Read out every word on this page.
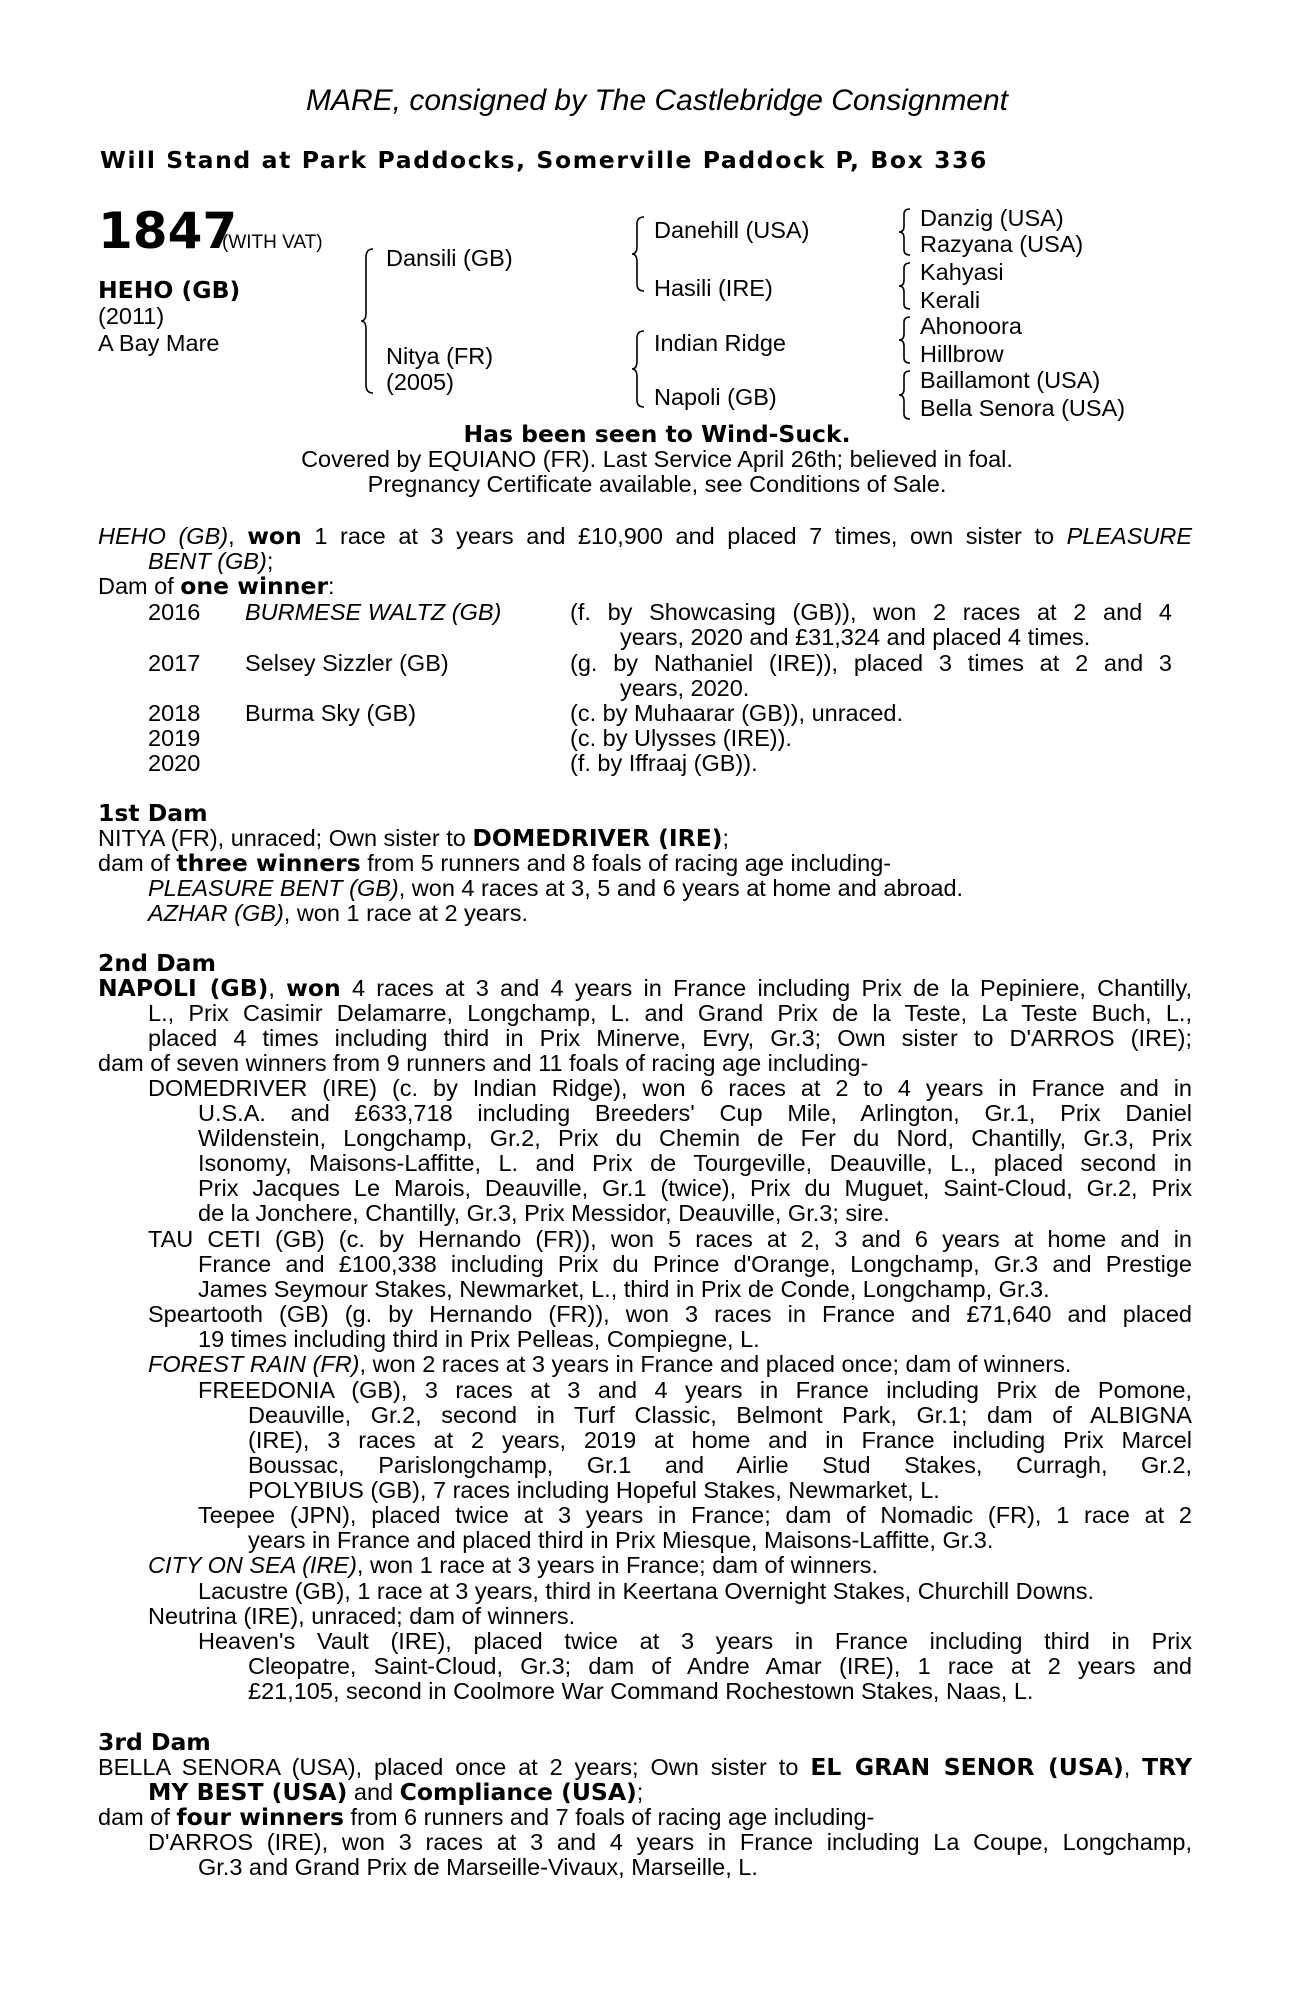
MARE, consigned by The Castlebridge Consignment
Will Stand at Park Paddocks, Somerville Paddock P, Box 336
1847
(WITH VAT)
HEHO (GB)
(2011)
A Bay Mare
Dansili (GB)
Nitya (FR)
(2005)
Danehill (USA)
Hasili (IRE)
Indian Ridge
Napoli (GB)
Danzig (USA)
Razyana (USA)
Kahyasi
Kerali
Ahonoora
Hillbrow
Baillamont (USA)
Bella Senora (USA)
Has been seen to Wind-Suck.
Covered by EQUIANO (FR). Last Service April 26th; believed in foal.
Pregnancy Certificate available, see Conditions of Sale.
HEHO (GB), won 1 race at 3 years and £10,900 and placed 7 times, own sister to PLEASURE
BENT (GB);
Dam of one winner:
2016 BURMESE WALTZ (GB)	(f. by Showcasing (GB)), won 2 races at 2 and 4
years, 2020 and £31,324 and placed 4 times.
2017 Selsey Sizzler (GB)	(g. by Nathaniel (IRE)), placed 3 times at 2 and 3
years, 2020.
2018 Burma Sky (GB)	(c. by Muhaarar (GB)), unraced.
2019	(c. by Ulysses (IRE)).
2020	(f. by Iffraaj (GB)).
1st Dam
NITYA (FR), unraced; Own sister to DOMEDRIVER (IRE);
dam of three winners from 5 runners and 8 foals of racing age including-
PLEASURE BENT (GB), won 4 races at 3, 5 and 6 years at home and abroad.
AZHAR (GB), won 1 race at 2 years.
2nd Dam
NAPOLI (GB), won 4 races at 3 and 4 years in France including Prix de la Pepiniere, Chantilly,
L., Prix Casimir Delamarre, Longchamp, L. and Grand Prix de la Teste, La Teste Buch, L.,
placed 4 times including third in Prix Minerve, Evry, Gr.3; Own sister to D'ARROS (IRE);
dam of seven winners from 9 runners and 11 foals of racing age including-
DOMEDRIVER (IRE) (c. by Indian Ridge), won 6 races at 2 to 4 years in France and in
U.S.A. and £633,718 including Breeders' Cup Mile, Arlington, Gr.1, Prix Daniel
Wildenstein, Longchamp, Gr.2, Prix du Chemin de Fer du Nord, Chantilly, Gr.3, Prix
Isonomy, Maisons-Laffitte, L. and Prix de Tourgeville, Deauville, L., placed second in
Prix Jacques Le Marois, Deauville, Gr.1 (twice), Prix du Muguet, Saint-Cloud, Gr.2, Prix
de la Jonchere, Chantilly, Gr.3, Prix Messidor, Deauville, Gr.3; sire.
TAU CETI (GB) (c. by Hernando (FR)), won 5 races at 2, 3 and 6 years at home and in
France and £100,338 including Prix du Prince d'Orange, Longchamp, Gr.3 and Prestige
James Seymour Stakes, Newmarket, L., third in Prix de Conde, Longchamp, Gr.3.
Speartooth (GB) (g. by Hernando (FR)), won 3 races in France and £71,640 and placed
19 times including third in Prix Pelleas, Compiegne, L.
FOREST RAIN (FR), won 2 races at 3 years in France and placed once; dam of winners.
FREEDONIA (GB), 3 races at 3 and 4 years in France including Prix de Pomone,
Deauville, Gr.2, second in Turf Classic, Belmont Park, Gr.1; dam of ALBIGNA
(IRE), 3 races at 2 years, 2019 at home and in France including Prix Marcel
Boussac, Parislongchamp, Gr.1 and Airlie Stud Stakes, Curragh, Gr.2,
POLYBIUS (GB), 7 races including Hopeful Stakes, Newmarket, L.
Teepee (JPN), placed twice at 3 years in France; dam of Nomadic (FR), 1 race at 2
years in France and placed third in Prix Miesque, Maisons-Laffitte, Gr.3.
CITY ON SEA (IRE), won 1 race at 3 years in France; dam of winners.
Lacustre (GB), 1 race at 3 years, third in Keertana Overnight Stakes, Churchill Downs.
Neutrina (IRE), unraced; dam of winners.
Heaven's Vault (IRE), placed twice at 3 years in France including third in Prix
Cleopatre, Saint-Cloud, Gr.3; dam of Andre Amar (IRE), 1 race at 2 years and
£21,105, second in Coolmore War Command Rochestown Stakes, Naas, L.
3rd Dam
BELLA SENORA (USA), placed once at 2 years; Own sister to EL GRAN SENOR (USA), TRY
MY BEST (USA) and Compliance (USA);
dam of four winners from 6 runners and 7 foals of racing age including-
D'ARROS (IRE), won 3 races at 3 and 4 years in France including La Coupe, Longchamp,
Gr.3 and Grand Prix de Marseille-Vivaux, Marseille, L.
